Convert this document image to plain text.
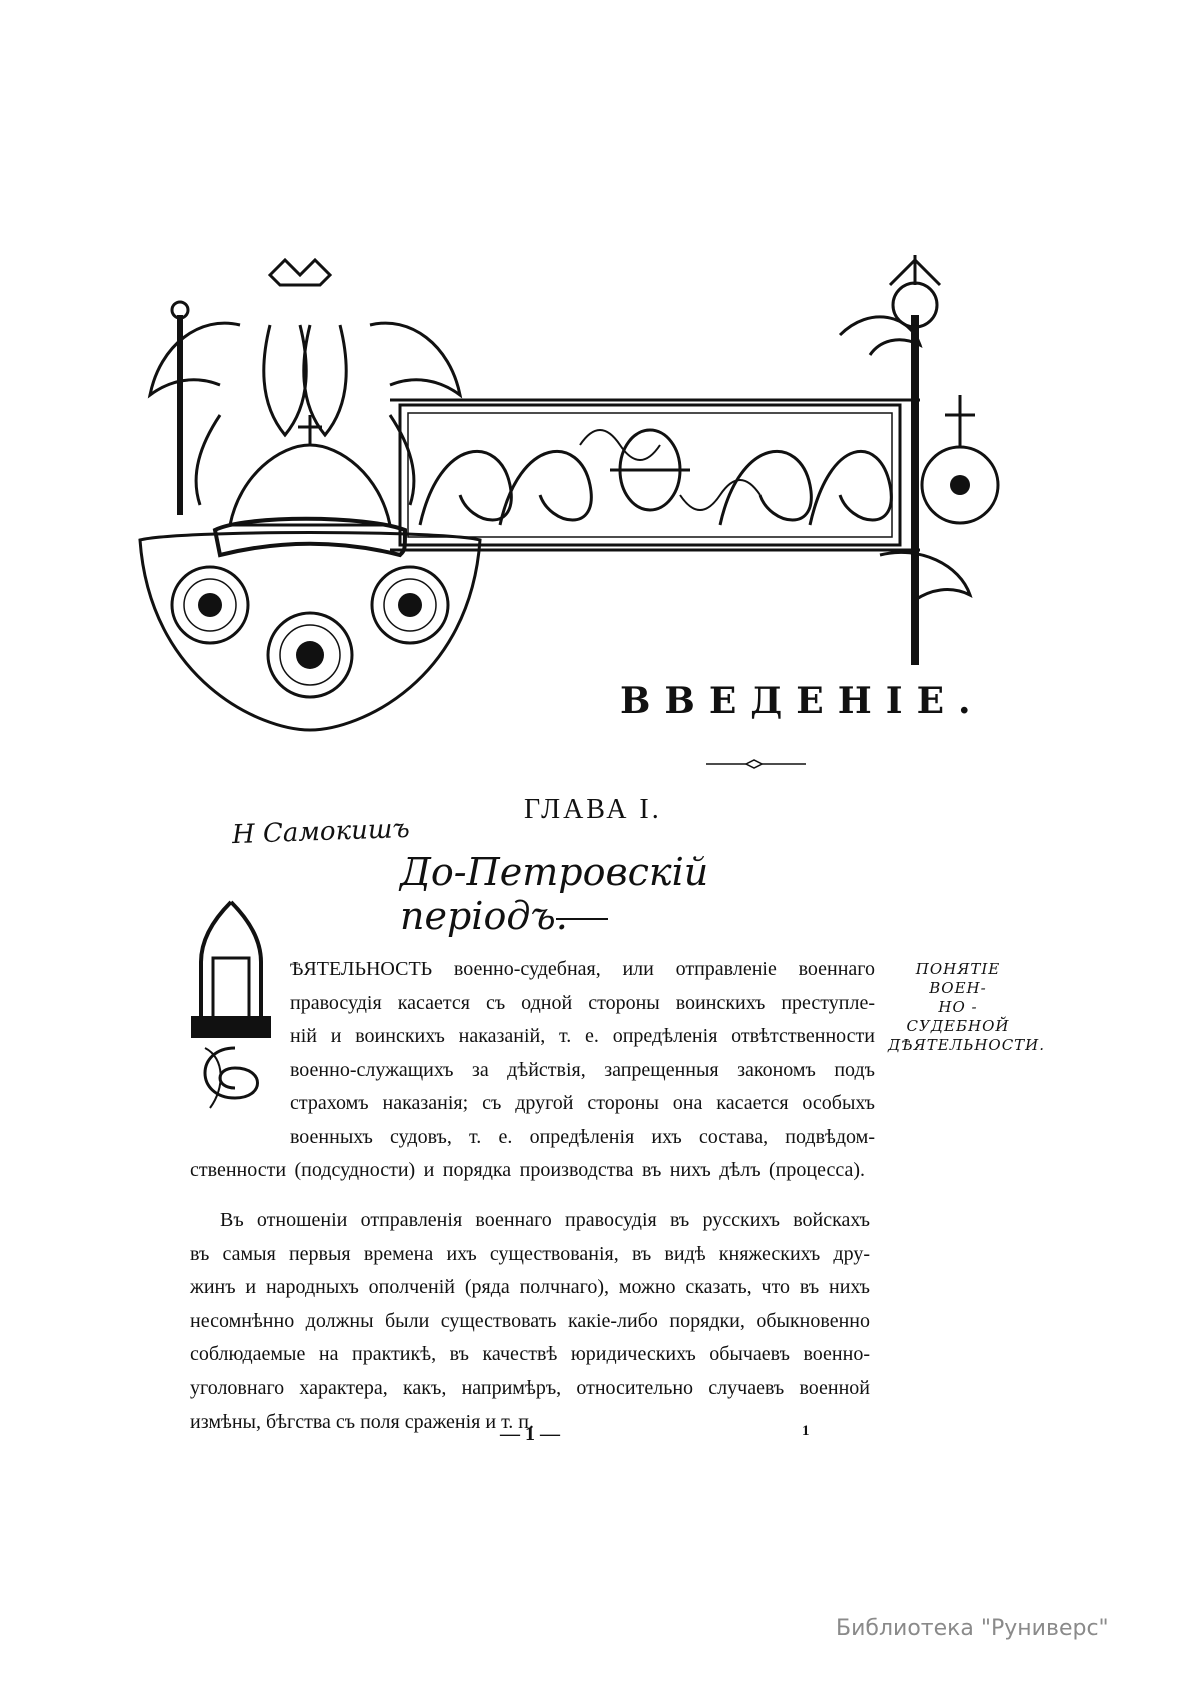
ВВЕДЕНІЕ.
Н Самокишъ
ГЛАВА I.
До-Петровскій періодъ.
ѢЯТЕЛЬНОСТЬ военно-судебная, или отправленіе военнаго
правосудія касается съ одной стороны воинскихъ преступле-
ній и воинскихъ наказаній, т. е. опредѣленія отвѣтственности
военно-служащихъ за дѣйствія, запрещенныя закономъ подъ
страхомъ наказанія; съ другой стороны она касается особыхъ
военныхъ судовъ, т. е. опредѣленія ихъ состава, подвѣдом-
ственности (подсудности) и порядка производства въ нихъ дѣлъ (процесса).
ПОНЯТІЕ ВОЕН-
НО - СУДЕБНОЙ
ДѢЯТЕЛЬНОСТИ.
Въ отношеніи отправленія военнаго правосудія въ русскихъ войскахъ
въ самыя первыя времена ихъ существованія, въ видѣ княжескихъ дру-
жинъ и народныхъ ополченій (ряда полчнаго), можно сказать, что въ нихъ
несомнѣнно должны были существовать какіе-либо порядки, обыкновенно
соблюдаемые на практикѣ, въ качествѣ юридическихъ обычаевъ военно-
уголовнаго характера, какъ, напримѣръ, относительно случаевъ военной
измѣны, бѣгства съ поля сраженія и т. п.
— 1 —	1
Библиотека "Руниверс"
